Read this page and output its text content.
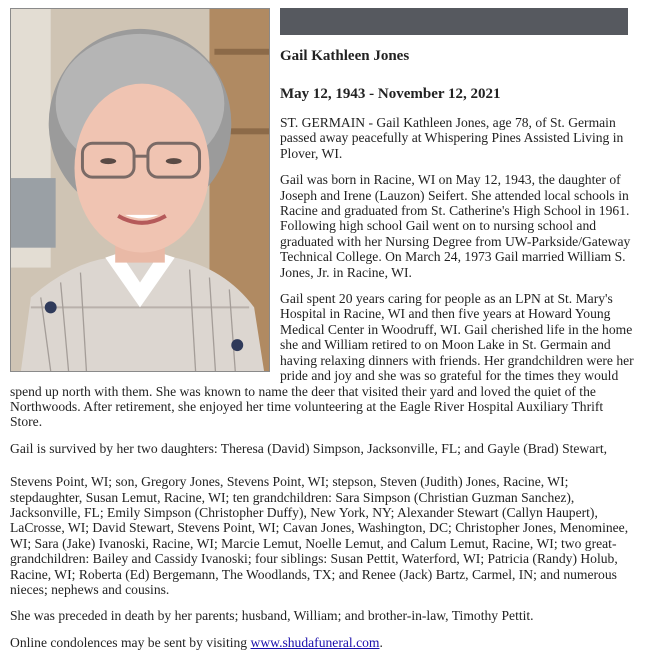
Gail Kathleen Jones
May 12, 1943 - November 12, 2021

ST. GERMAIN - Gail Kathleen Jones, age 78, of St. Germain passed away peacefully at Whispering Pines Assisted Living in Plover, WI.

Gail was born in Racine, WI on May 12, 1943, the daughter of Joseph and Irene (Lauzon) Seifert. She attended local schools in Racine and graduated from St. Catherine's High School in 1961. Following high school Gail went on to nursing school and graduated with her Nursing Degree from UW-Parkside/Gateway Technical College. On March 24, 1973 Gail married William S. Jones, Jr. in Racine, WI.

Gail spent 20 years caring for people as an LPN at St. Mary's Hospital in Racine, WI and then five years at Howard Young Medical Center in Woodruff, WI. Gail cherished life in the home she and William retired to on Moon Lake in St. Germain and having relaxing dinners with friends. Her grandchildren were her pride and joy and she was so grateful for the times they would spend up north with them. She was known to name the deer that visited their yard and loved the quiet of the Northwoods. After retirement, she enjoyed her time volunteering at the Eagle River Hospital Auxiliary Thrift Store.

Gail is survived by her two daughters: Theresa (David) Simpson, Jacksonville, FL; and Gayle (Brad) Stewart,

Stevens Point, WI; son, Gregory Jones, Stevens Point, WI; stepson, Steven (Judith) Jones, Racine, WI; stepdaughter, Susan Lemut, Racine, WI; ten grandchildren: Sara Simpson (Christian Guzman Sanchez), Jacksonville, FL; Emily Simpson (Christopher Duffy), New York, NY; Alexander Stewart (Callyn Haupert), LaCrosse, WI; David Stewart, Stevens Point, WI; Cavan Jones, Washington, DC; Christopher Jones, Menominee, WI; Sara (Jake) Ivanoski, Racine, WI; Marcie Lemut, Noelle Lemut, and Calum Lemut, Racine, WI; two great-grandchildren: Bailey and Cassidy Ivanoski; four siblings: Susan Pettit, Waterford, WI; Patricia (Randy) Holub, Racine, WI; Roberta (Ed) Bergemann, The Woodlands, TX; and Renee (Jack) Bartz, Carmel, IN; and numerous nieces; nephews and cousins.

She was preceded in death by her parents; husband, William; and brother-in-law, Timothy Pettit.

Online condolences may be sent by visiting www.shudafuneral.com.
